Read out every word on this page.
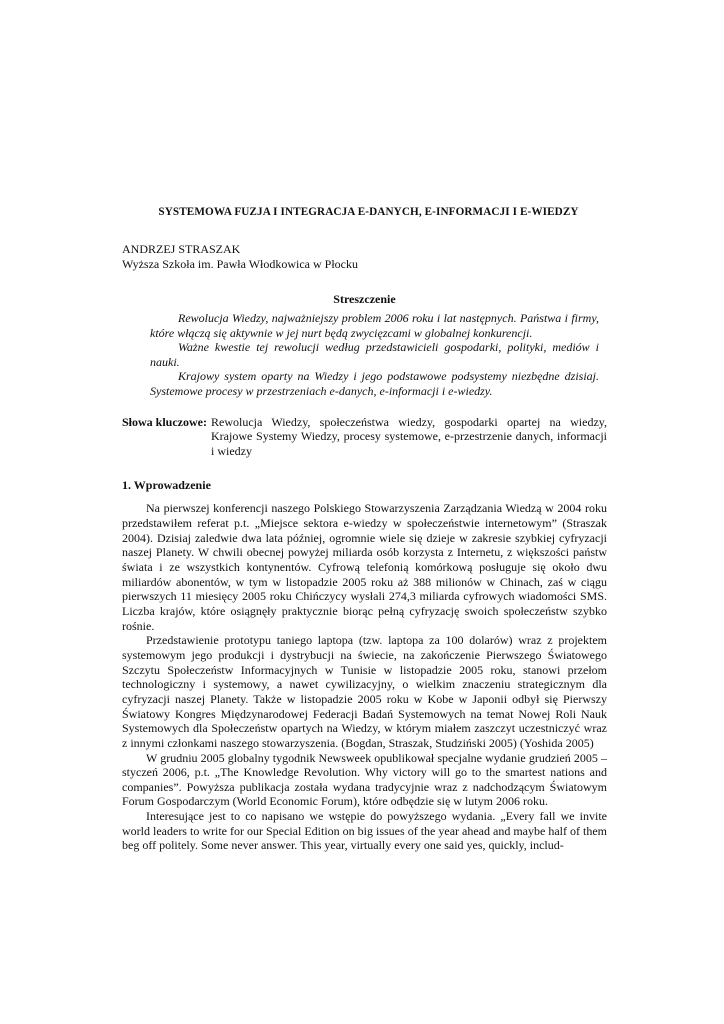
SYSTEMOWA FUZJA I INTEGRACJA E-DANYCH, E-INFORMACJI I E-WIEDZY
ANDRZEJ STRASZAK
Wyższa Szkoła im. Pawła Włodkowica w Płocku
Streszczenie

Rewolucja Wiedzy, najważniejszy problem 2006 roku i lat następnych. Państwa i firmy, które włączą się aktywnie w jej nurt będą zwycięzcami w globalnej konkurencji.

Ważne kwestie tej rewolucji według przedstawicieli gospodarki, polityki, mediów i nauki.

Krajowy system oparty na Wiedzy i jego podstawowe podsystemy niezbędne dzisiaj. Systemowe procesy w przestrzeniach e-danych, e-informacji i e-wiedzy.

Słowa kluczowe: Rewolucja Wiedzy, społeczeństwa wiedzy, gospodarki opartej na wiedzy, Krajowe Systemy Wiedzy, procesy systemowe, e-przestrzenie danych, informacji i wiedzy
1. Wprowadzenie

Na pierwszej konferencji naszego Polskiego Stowarzyszenia Zarządzania Wiedzą w 2004 roku przedstawiłem referat p.t. „Miejsce sektora e-wiedzy w społeczeństwie internetowym” (Straszak 2004). Dzisiaj zaledwie dwa lata później, ogromnie wiele się dzieje w zakresie szybkiej cyfryzacji naszej Planety. W chwili obecnej powyżej miliarda osób korzysta z Internetu, z większości państw świata i ze wszystkich kontynentów. Cyfrową telefonią komórkową posługuje się około dwu miliardów abonentów, w tym w listopadzie 2005 roku aż 388 milionów w Chinach, zaś w ciągu pierwszych 11 miesięcy 2005 roku Chińczycy wysłali 274,3 miliarda cyfrowych wiadomości SMS. Liczba krajów, które osiągnęły praktycznie biorąc pełną cyfryzację swoich społeczeństw szybko rośnie.

Przedstawienie prototypu taniego laptopa (tzw. laptopa za 100 dolarów) wraz z projektem systemowym jego produkcji i dystrybucji na świecie, na zakończenie Pierwszego Światowego Szczytu Społeczeństw Informacyjnych w Tunisie w listopadzie 2005 roku, stanowi przełom technologiczny i systemowy, a nawet cywilizacyjny, o wielkim znaczeniu strategicznym dla cyfryzacji naszej Planety. Także w listopadzie 2005 roku w Kobe w Japonii odbył się Pierwszy Światowy Kongres Międzynarodowej Federacji Badań Systemowych na temat Nowej Roli Nauk Systemowych dla Społeczeństw opartych na Wiedzy, w którym miałem zaszczyt uczestniczyć wraz z innymi członkami naszego stowarzyszenia. (Bogdan, Straszak, Studziński 2005) (Yoshida 2005)

W grudniu 2005 globalny tygodnik Newsweek opublikował specjalne wydanie grudzień 2005 – styczeń 2006, p.t. „The Knowledge Revolution. Why victory will go to the smartest nations and companies”. Powyższa publikacja została wydana tradycyjnie wraz z nadchodzącym Światowym Forum Gospodarczym (World Economic Forum), które odbędzie się w lutym 2006 roku.

Interesujące jest to co napisano we wstępie do powyższego wydania. „Every fall we invite world leaders to write for our Special Edition on big issues of the year ahead and maybe half of them beg off politely. Some never answer. This year, virtually every one said yes, quickly, includ-
